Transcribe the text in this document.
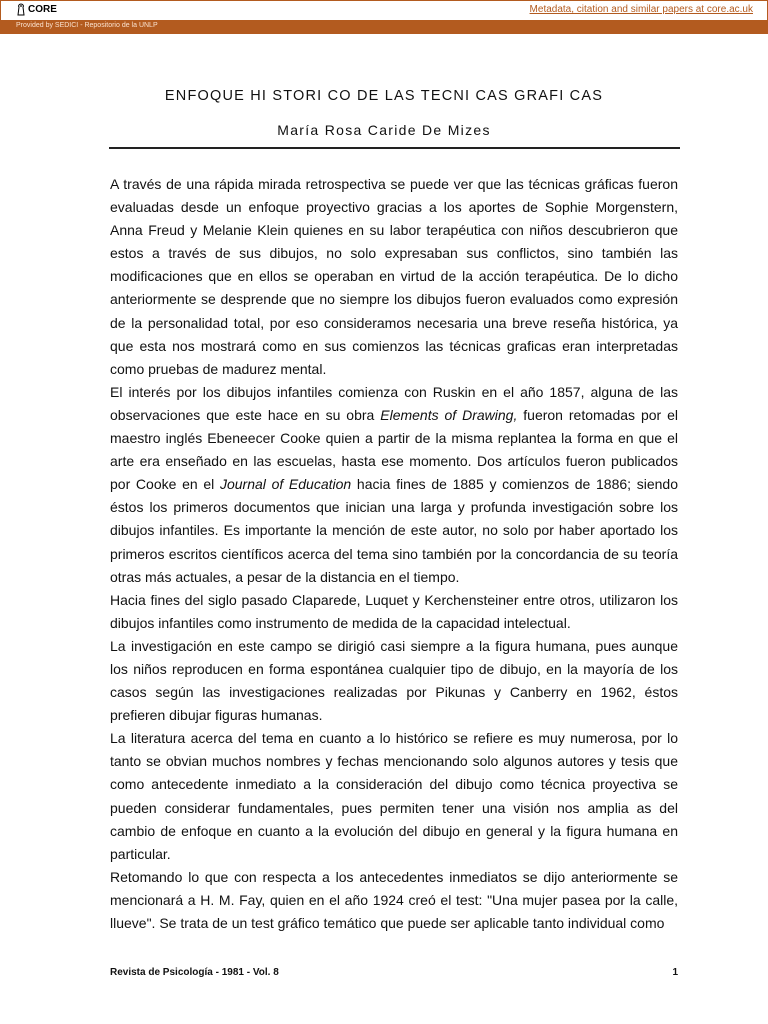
CORE	Metadata, citation and similar papers at core.ac.uk
Provided by SEDICI - Repositorio de la UNLP
ENFOQUE HI STORI CO DE LAS TECNI CAS GRAFI CAS
María Rosa Caride De Mizes

A través de una rápida mirada retrospectiva se puede ver que las técnicas gráficas fueron evaluadas desde un enfoque proyectivo gracias a los aportes de Sophie Morgenstern, Anna Freud y Melanie Klein quienes en su labor terapéutica con niños descubrieron que estos a través de sus dibujos, no solo expresaban sus conflictos, sino también las modificaciones que en ellos se operaban en virtud de la acción terapéutica. De lo dicho anteriormente se desprende que no siempre los dibujos fueron evaluados como expresión de la personalidad total, por eso consideramos necesaria una breve reseña histórica, ya que esta nos mostrará como en sus comienzos las técnicas graficas eran interpretadas como pruebas de madurez mental.

El interés por los dibujos infantiles comienza con Ruskin en el año 1857, alguna de las observaciones que este hace en su obra Elements of Drawing, fueron retomadas por el maestro inglés Ebeneecer Cooke quien a partir de la misma replantea la forma en que el arte era enseñado en las escuelas, hasta ese momento. Dos artículos fueron publicados por Cooke en el Journal of Education hacia fines de 1885 y comienzos de 1886; siendo éstos los primeros documentos que inician una larga y profunda investigación sobre los dibujos infantiles. Es importante la mención de este autor, no solo por haber aportado los primeros escritos científicos acerca del tema sino también por la concordancia de su teoría otras más actuales, a pesar de la distancia en el tiempo.

Hacia fines del siglo pasado Claparede, Luquet y Kerchensteiner entre otros, utilizaron los dibujos infantiles como instrumento de medida de la capacidad intelectual.

La investigación en este campo se dirigió casi siempre a la figura humana, pues aunque los niños reproducen en forma espontánea cualquier tipo de dibujo, en la mayoría de los casos según las investigaciones realizadas por Pikunas y Canberry en 1962, éstos prefieren dibujar figuras humanas.

La literatura acerca del tema en cuanto a lo histórico se refiere es muy numerosa, por lo tanto se obvian muchos nombres y fechas mencionando solo algunos autores y tesis que como antecedente inmediato a la consideración del dibujo como técnica proyectiva se pueden considerar fundamentales, pues permiten tener una visión nos amplia as del cambio de enfoque en cuanto a la evolución del dibujo en general y la figura humana en particular.

Retomando lo que con respecta a los antecedentes inmediatos se dijo anteriormente se mencionará a H. M. Fay, quien en el año 1924 creó el test: "Una mujer pasea por la calle, llueve". Se trata de un test gráfico temático que puede ser aplicable tanto individual como

Revista de Psicología - 1981 - Vol. 8	1
